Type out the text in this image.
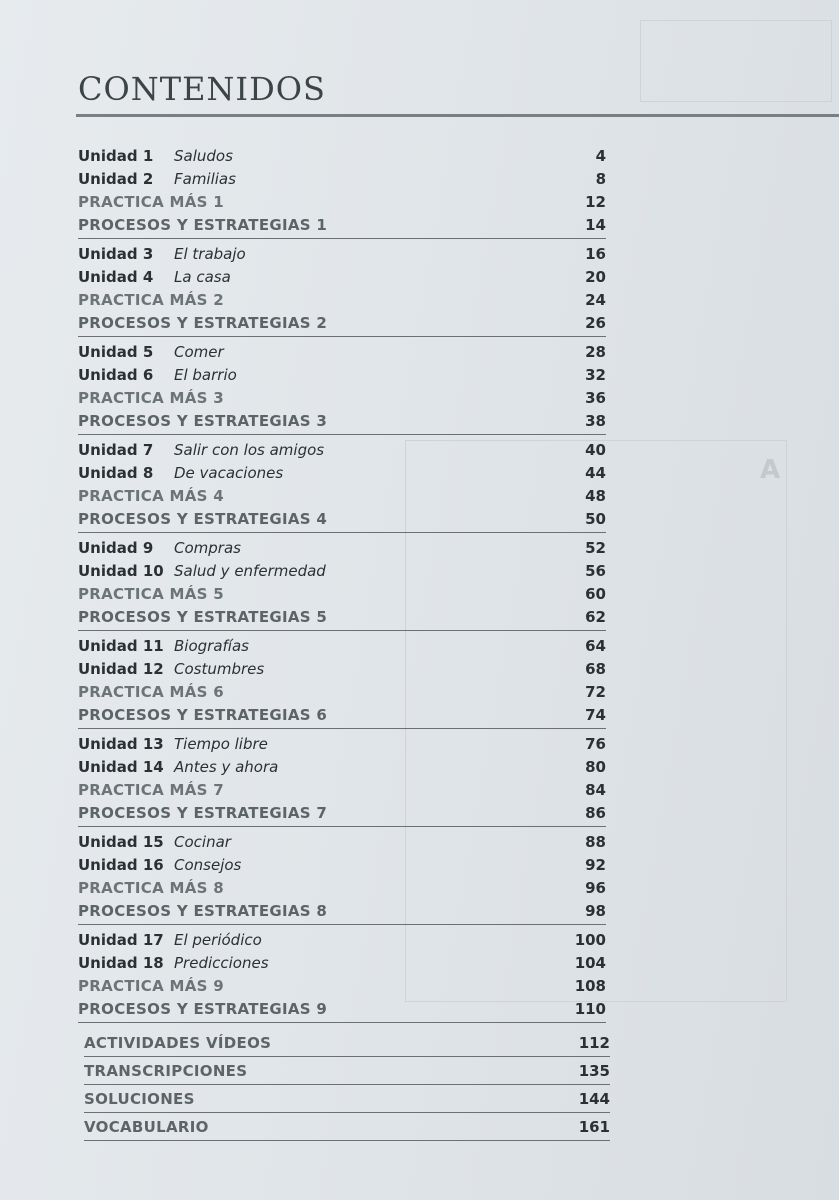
A
CONTENIDOS
Unidad 1	Saludos	4
Unidad 2	Familias	8
PRACTICA MÁS 1	12
PROCESOS Y ESTRATEGIAS 1	14
Unidad 3	El trabajo	16
Unidad 4	La casa	20
PRACTICA MÁS 2	24
PROCESOS Y ESTRATEGIAS 2	26
Unidad 5	Comer	28
Unidad 6	El barrio	32
PRACTICA MÁS 3	36
PROCESOS Y ESTRATEGIAS 3	38
Unidad 7	Salir con los amigos	40
Unidad 8	De vacaciones	44
PRACTICA MÁS 4	48
PROCESOS Y ESTRATEGIAS 4	50
Unidad 9	Compras	52
Unidad 10 Salud y enfermedad	56
PRACTICA MÁS 5	60
PROCESOS Y ESTRATEGIAS 5	62
Unidad 11 Biografías	64
Unidad 12 Costumbres	68
PRACTICA MÁS 6	72
PROCESOS Y ESTRATEGIAS 6	74
Unidad 13 Tiempo libre	76
Unidad 14 Antes y ahora	80
PRACTICA MÁS 7	84
PROCESOS Y ESTRATEGIAS 7	86
Unidad 15 Cocinar	88
Unidad 16 Consejos	92
PRACTICA MÁS 8	96
PROCESOS Y ESTRATEGIAS 8	98
Unidad 17 El periódico	100
Unidad 18 Predicciones	104
PRACTICA MÁS 9	108
PROCESOS Y ESTRATEGIAS 9	110
ACTIVIDADES VÍDEOS	112
TRANSCRIPCIONES	135
SOLUCIONES	144
VOCABULARIO	161
